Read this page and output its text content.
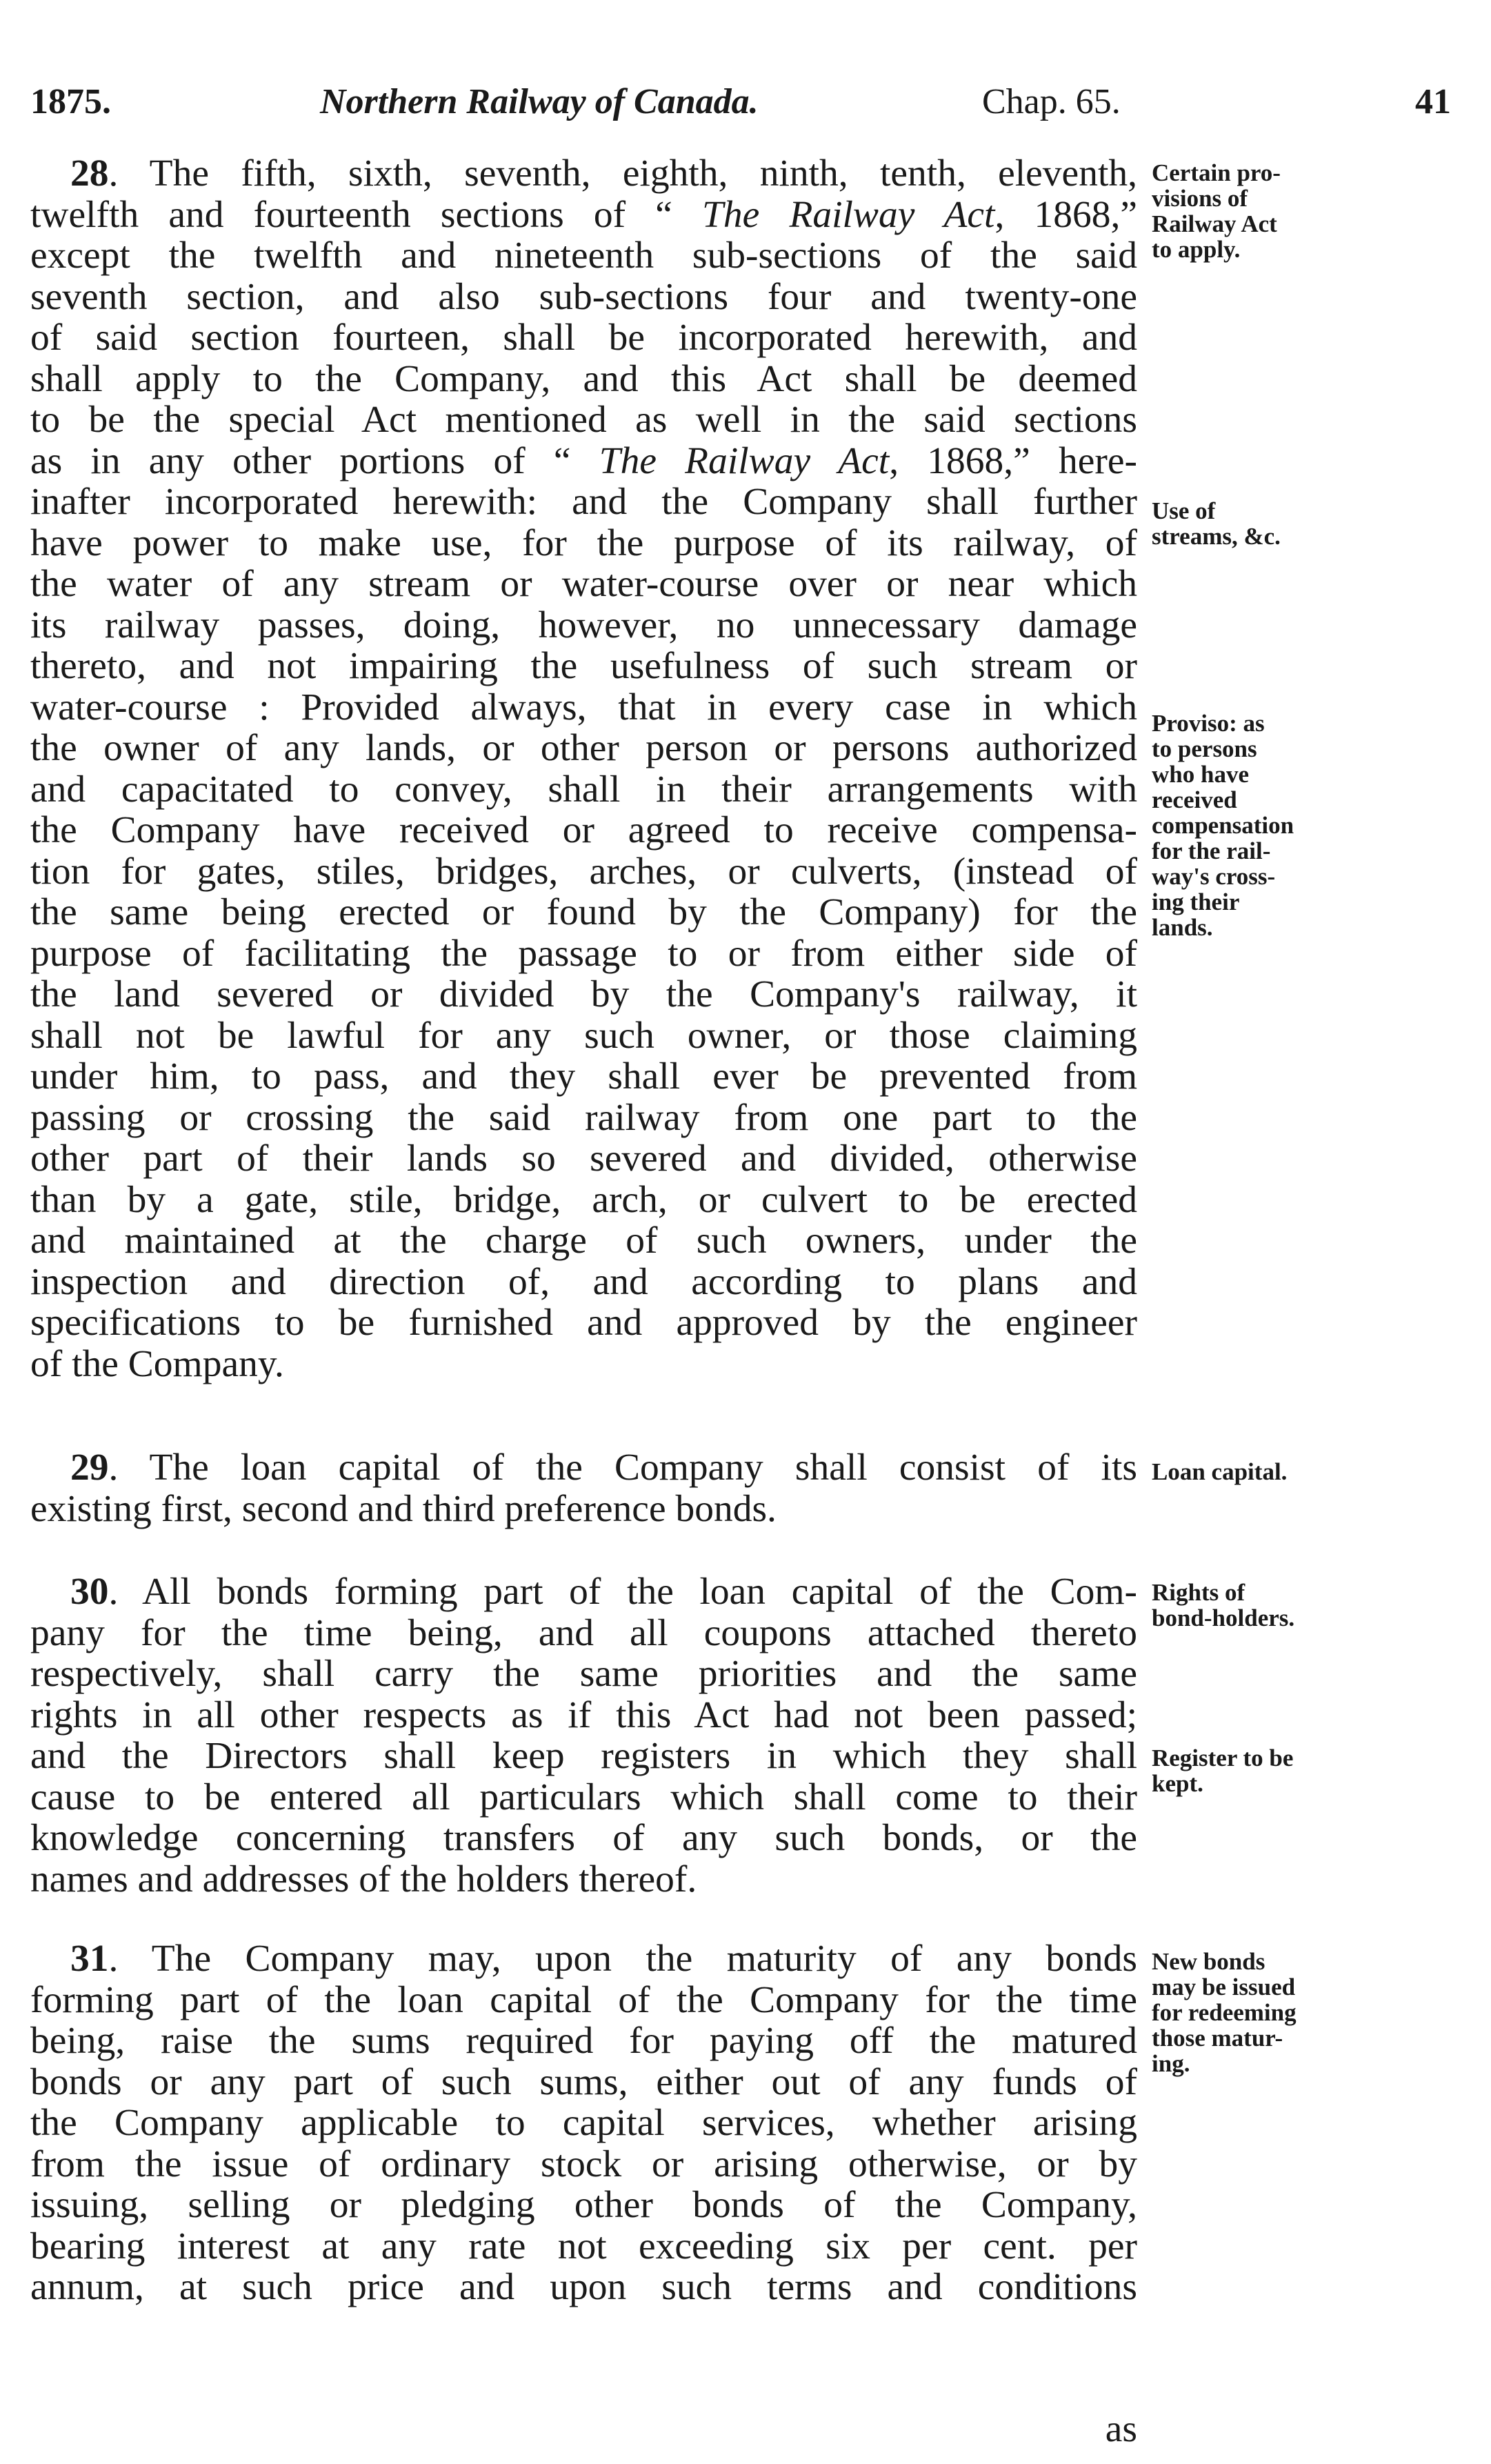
1875.	Northern Railway of Canada.	Chap. 65.	41
28. The fifth, sixth, seventh, eighth, ninth, tenth, eleventh,
twelfth and fourteenth sections of “ The Railway Act, 1868,”
except the twelfth and nineteenth sub-sections of the said
seventh section, and also sub-sections four and twenty-one
of said section fourteen, shall be incorporated herewith, and
shall apply to the Company, and this Act shall be deemed
to be the special Act mentioned as well in the said sections
as in any other portions of “ The Railway Act, 1868,” here-
inafter incorporated herewith: and the Company shall further
have power to make use, for the purpose of its railway, of
the water of any stream or water-course over or near which
its railway passes, doing, however, no unnecessary damage
thereto, and not impairing the usefulness of such stream or
water-course : Provided always, that in every case in which
the owner of any lands, or other person or persons authorized
and capacitated to convey, shall in their arrangements with
the Company have received or agreed to receive compensa-
tion for gates, stiles, bridges, arches, or culverts, (instead of
the same being erected or found by the Company) for the
purpose of facilitating the passage to or from either side of
the land severed or divided by the Company's railway, it
shall not be lawful for any such owner, or those claiming
under him, to pass, and they shall ever be prevented from
passing or crossing the said railway from one part to the
other part of their lands so severed and divided, otherwise
than by a gate, stile, bridge, arch, or culvert to be erected
and maintained at the charge of such owners, under the
inspection and direction of, and according to plans and
specifications to be furnished and approved by the engineer
of the Company.
29. The loan capital of the Company shall consist of its
existing first, second and third preference bonds.
30. All bonds forming part of the loan capital of the Com-
pany for the time being, and all coupons attached thereto
respectively, shall carry the same priorities and the same
rights in all other respects as if this Act had not been passed;
and the Directors shall keep registers in which they shall
cause to be entered all particulars which shall come to their
knowledge concerning transfers of any such bonds, or the
names and addresses of the holders thereof.
31. The Company may, upon the maturity of any bonds
forming part of the loan capital of the Company for the time
being, raise the sums required for paying off the matured
bonds or any part of such sums, either out of any funds of
the Company applicable to capital services, whether arising
from the issue of ordinary stock or arising otherwise, or by
issuing, selling or pledging other bonds of the Company,
bearing interest at any rate not exceeding six per cent. per
annum, at such price and upon such terms and conditions
as
Certain pro-
visions of
Railway Act
to apply.
Use of
streams, &c.
Proviso: as
to persons
who have
received
compensation
for the rail-
way's cross-
ing their
lands.
Loan capital.
Rights of
bond-holders.
Register to be
kept.
New bonds
may be issued
for redeeming
those matur-
ing.
